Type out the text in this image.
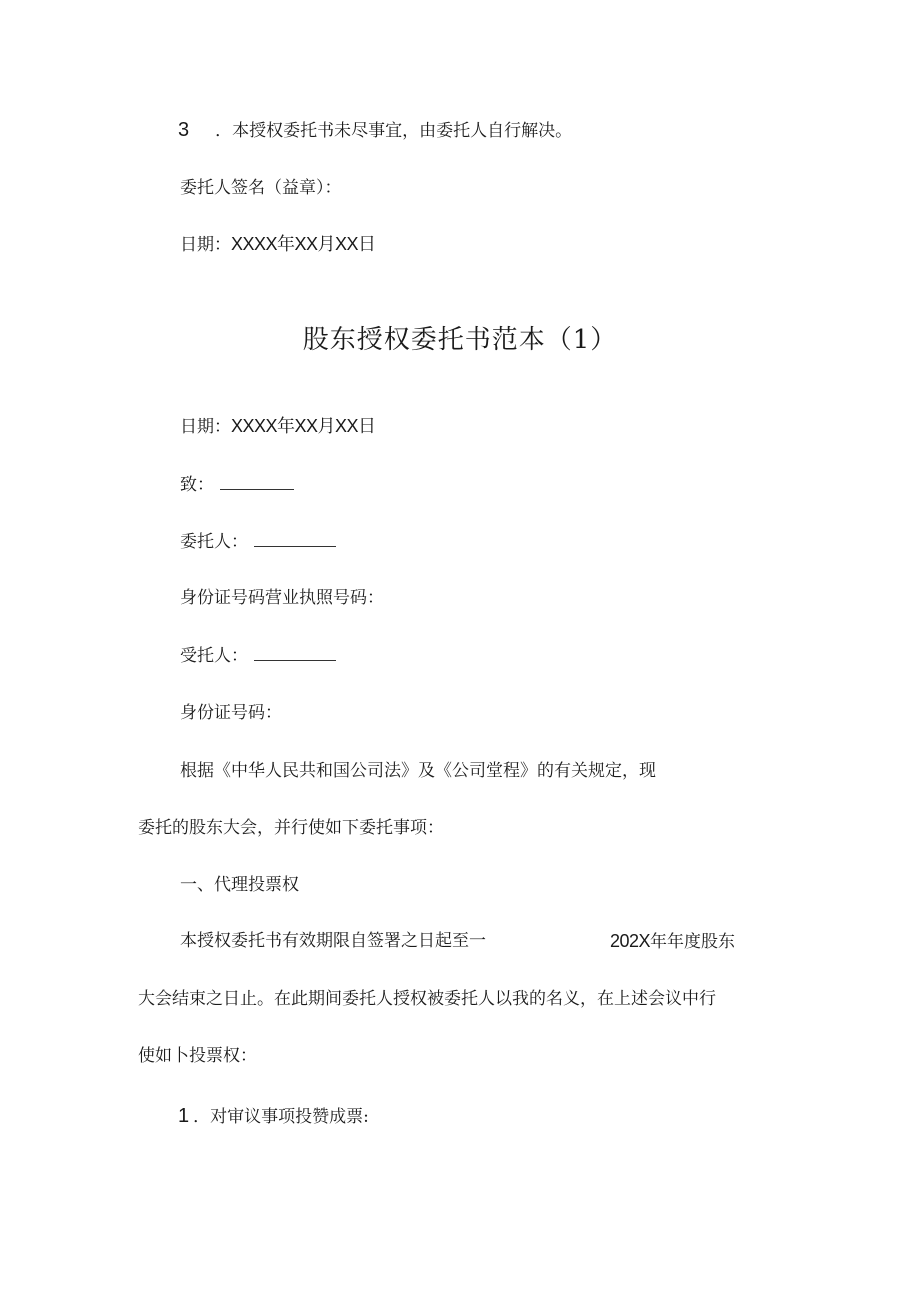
3 ．本授权委托书未尽事宜，由委托人自行解决。
委托人签名（益章）：
日期：XXXX年XX月XX日
股东授权委托书范本（1）
日期：XXXX年XX月XX日
致：
委托人：
身份证号码营业执照号码：
受托人：
身份证号码：
根据《中华人民共和国公司法》及《公司堂程》的有关规定，现
委托的股东大会，并行使如下委托事项：
一、代理投票权
本授权委托书有效期限自签署之日起至一	202X年年度股东
大会结束之日止。在此期间委托人授权被委托人以我的名义，在上述会议中行
使如卜投票权：
1 ．对审议事项投赞成票:
